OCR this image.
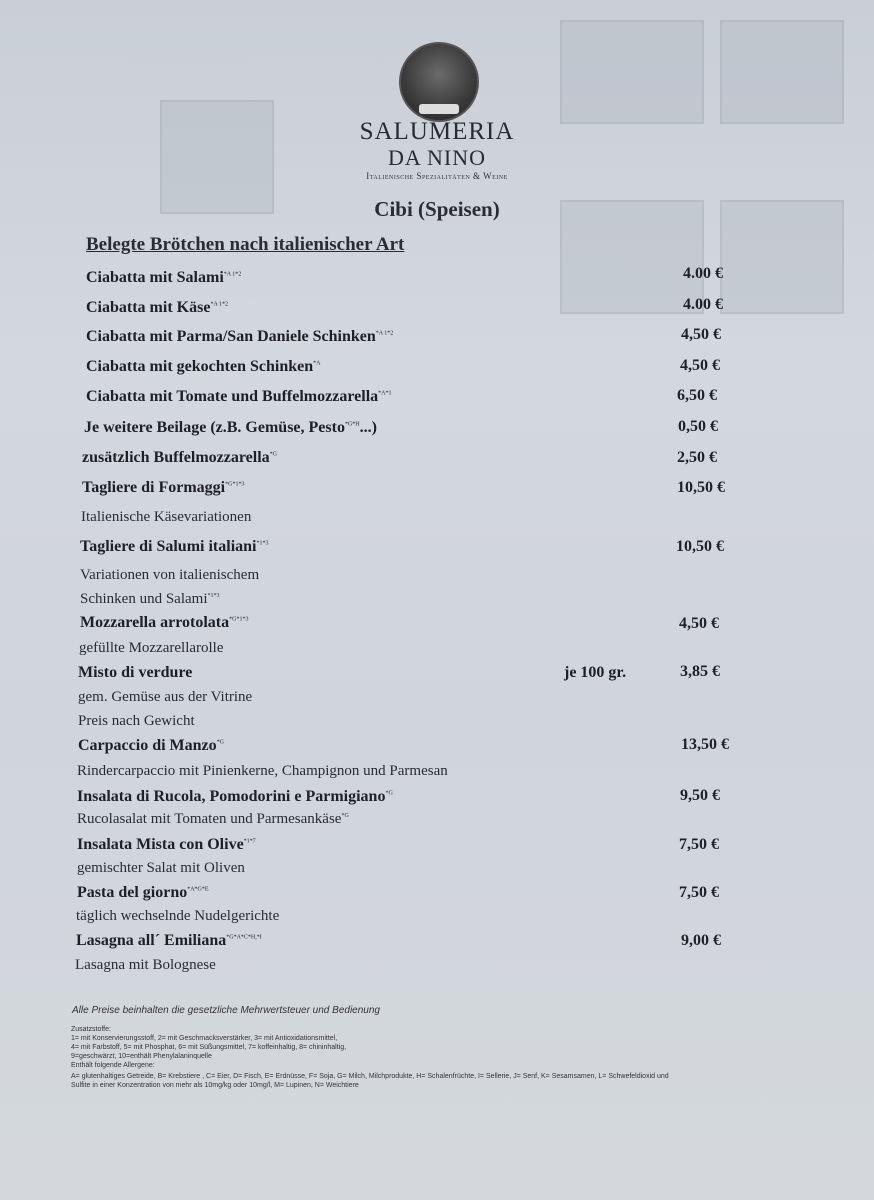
SALUMERIA
DA NINO
Italienische Spezialitäten & Weine
Cibi (Speisen)
Belegte Brötchen nach italienischer Art
Ciabatta mit Salami$^{*A 1*2}$	4.00 €
Ciabatta mit Käse$^{*A 1*2}$	4.00 €
Ciabatta mit Parma/San Daniele Schinken$^{*A 1*2}$	4,50 €
Ciabatta mit gekochten Schinken$^{*A}$	4,50 €
Ciabatta mit Tomate und Buffelmozzarella$^{*A*1}$	6,50 €
Je weitere Beilage (z.B. Gemüse, Pesto$^{*G*H}$...)	0,50 €
zusätzlich Buffelmozzarella$^{*G}$	2,50 €
Tagliere di Formaggi$^{*G*1*3}$	10,50 €
Italienische Käsevariationen
Tagliere di Salumi italiani$^{*1*3}$	10,50 €
Variationen von italienischem
Schinken und Salami$^{*1*3}$
Mozzarella arrotolata$^{*G*1*3}$	4,50 €
gefüllte Mozzarellarolle
Misto di verdure	je 100 gr.	3,85 €
gem. Gemüse aus der Vitrine
Preis nach Gewicht
Carpaccio di Manzo$^{*G}$	13,50 €
Rindercarpaccio mit Pinienkerne, Champignon und Parmesan
Insalata di Rucola, Pomodorini e Parmigiano$^{*G}$	9,50 €
Rucolasalat mit Tomaten und Parmesankäse$^{*G}$
Insalata Mista con Olive$^{*1*7}$	7,50 €
gemischter Salat mit Oliven
Pasta del giorno$^{*A*G*E}$	7,50 €
täglich wechselnde Nudelgerichte
Lasagna all´ Emiliana$^{*G*A*C*H,*I}$	9,00 €
Lasagna mit Bolognese
Alle Preise beinhalten die gesetzliche Mehrwertsteuer und Bedienung
Zusatzstoffe:
1= mit Konservierungsstoff, 2= mit Geschmacksverstärker, 3= mit Antioxidationsmittel,
4= mit Farbstoff, 5= mit Phosphat, 6= mit Süßungsmittel, 7= koffeinhaltig, 8= chininhaltig,
9=geschwärzt, 10=enthält Phenylalaninquelle
Enthält folgende Allergene:
A= glutenhaltiges Getreide, B= Krebstiere , C= Eier, D= Fisch, E= Erdnüsse, F= Soja, G= Milch, Milchprodukte, H= Schalenfrüchte, I= Sellerie, J= Senf, K= Sesamsamen, L= Schwefeldioxid und
Sulfite in einer Konzentration von mehr als 10mg/kg oder 10mg/l, M= Lupinen, N= Weichtiere
